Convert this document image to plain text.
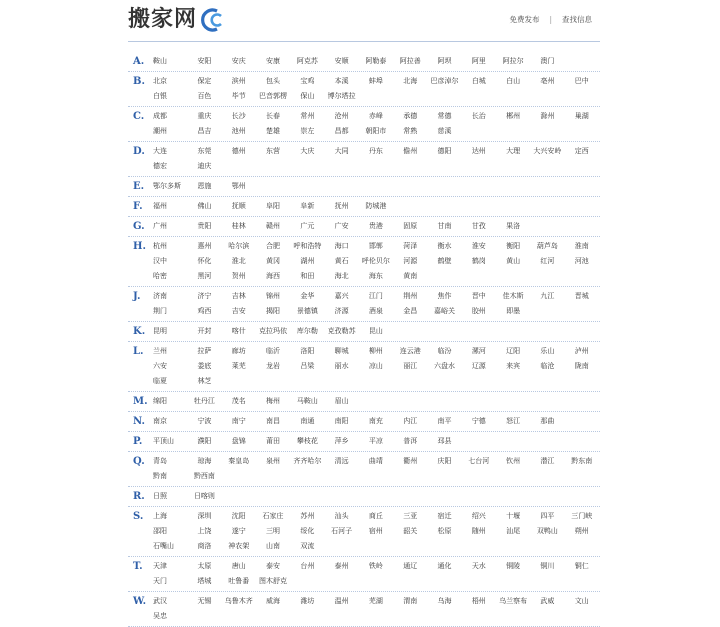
搬家网	免费发布 | 查找信息
A.	鞍山	安阳	安庆	安康	阿克苏	安顺	阿勒泰	阿拉善	阿坝	阿里	阿拉尔	澳门
B.	北京	保定	滨州	包头	宝鸡	本溪	蚌埠	北海	巴彦淖尔	白城	白山	亳州	巴中
白银	百色	毕节	巴音郭楞	保山	博尔塔拉
C.	成都	重庆	长沙	长春	常州	沧州	赤峰	承德	常德	长治	郴州	滁州	巢湖
潮州	昌吉	池州	楚雄	崇左	昌都	朝阳市	常熟	慈溪
D.	大连	东莞	德州	东营	大庆	大同	丹东	儋州	德阳	达州	大理	大兴安岭	定西
德宏	迪庆
E.	鄂尔多斯	恩施	鄂州
F.	福州	佛山	抚顺	阜阳	阜新	抚州	防城港
G.	广州	贵阳	桂林	赣州	广元	广安	贵港	固原	甘南	甘孜	果洛
H.	杭州	惠州	哈尔滨	合肥	呼和浩特	海口	邯郸	菏泽	衡水	淮安	衡阳	葫芦岛	淮南
汉中	怀化	淮北	黄冈	湖州	黄石	呼伦贝尔	河源	鹤壁	鹤岗	黄山	红河	河池
哈密	黑河	贺州	海西	和田	海北	海东	黄南
J.	济南	济宁	吉林	锦州	金华	嘉兴	江门	荆州	焦作	晋中	佳木斯	九江	晋城
荆门	鸡西	吉安	揭阳	景德镇	济源	酒泉	金昌	嘉峪关	胶州	即墨
K.	昆明	开封	喀什	克拉玛依	库尔勒	克孜勒苏	昆山
L.	兰州	拉萨	廊坊	临沂	洛阳	聊城	柳州	连云港	临汾	漯河	辽阳	乐山	泸州
六安	娄底	莱芜	龙岩	吕梁	丽水	凉山	丽江	六盘水	辽源	来宾	临沧	陇南
临夏	林芝
M. 绵阳	牡丹江	茂名	梅州	马鞍山	眉山
N.	南京	宁波	南宁	南昌	南通	南阳	南充	内江	南平	宁德	怒江	那曲
P.	平顶山	濮阳	盘锦	莆田	攀枝花	萍乡	平凉	普洱	邳县
Q.	青岛	琼海	秦皇岛	泉州	齐齐哈尔	清远	曲靖	衢州	庆阳	七台河	钦州	潜江	黔东南
黔南	黔西南
R.	日照	日喀则
S.	上海	深圳	沈阳	石家庄	苏州	汕头	商丘	三亚	宿迁	绍兴	十堰	四平	三门峡
邵阳	上饶	遂宁	三明	绥化	石河子	宿州	韶关	松原	随州	汕尾	双鸭山	朔州
石嘴山	商洛	神农架	山南	双流
T.	天津	太原	唐山	泰安	台州	泰州	铁岭	通辽	通化	天水	铜陵	铜川	铜仁
天门	塔城	吐鲁番	图木舒克
W. 武汉	无锡	乌鲁木齐	威海	潍坊	温州	芜湖	渭南	乌海	梧州	乌兰察布	武威	文山
吴忠
